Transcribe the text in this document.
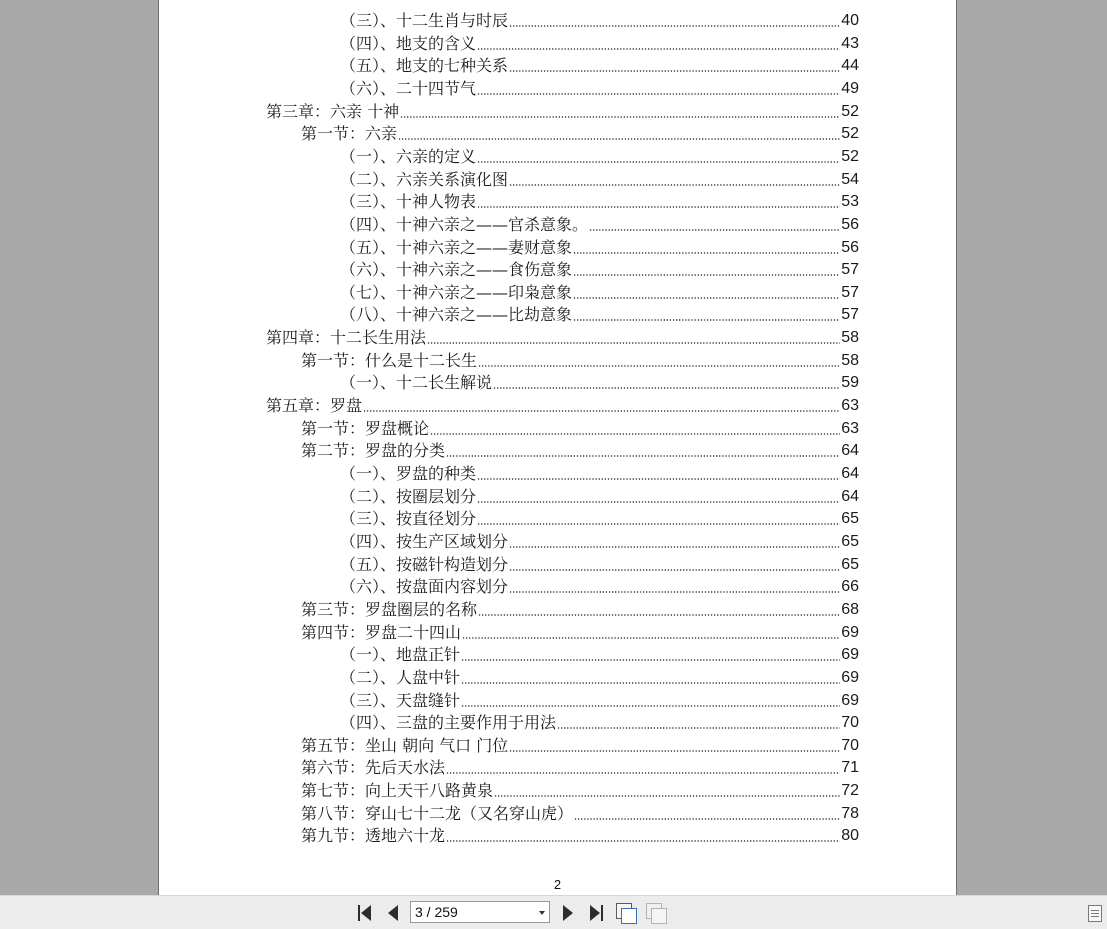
（三）、十二生肖与时辰	40
（四）、地支的含义	43
（五）、地支的七种关系	44
（六）、二十四节气	49
第三章：六亲 十神	52
第一节：六亲	52
（一）、六亲的定义	52
（二）、六亲关系演化图	54
（三）、十神人物表	53
（四）、十神六亲之——官杀意象。	56
（五）、十神六亲之——妻财意象	56
（六）、十神六亲之——食伤意象	57
（七）、十神六亲之——印枭意象	57
（八）、十神六亲之——比劫意象	57
第四章：十二长生用法	58
第一节：什么是十二长生	58
（一）、十二长生解说	59
第五章：罗盘	63
第一节：罗盘概论	63
第二节：罗盘的分类	64
（一）、罗盘的种类	64
（二）、按圈层划分	64
（三）、按直径划分	65
（四）、按生产区域划分	65
（五）、按磁针构造划分	65
（六）、按盘面内容划分	66
第三节：罗盘圈层的名称	68
第四节：罗盘二十四山	69
（一）、地盘正针	69
（二）、人盘中针	69
（三）、天盘缝针	69
（四）、三盘的主要作用于用法	70
第五节：坐山 朝向 气口 门位	70
第六节：先后天水法	71
第七节：向上天干八路黄泉	72
第八节：穿山七十二龙（又名穿山虎）	78
第九节：透地六十龙	80
2
3 / 259
